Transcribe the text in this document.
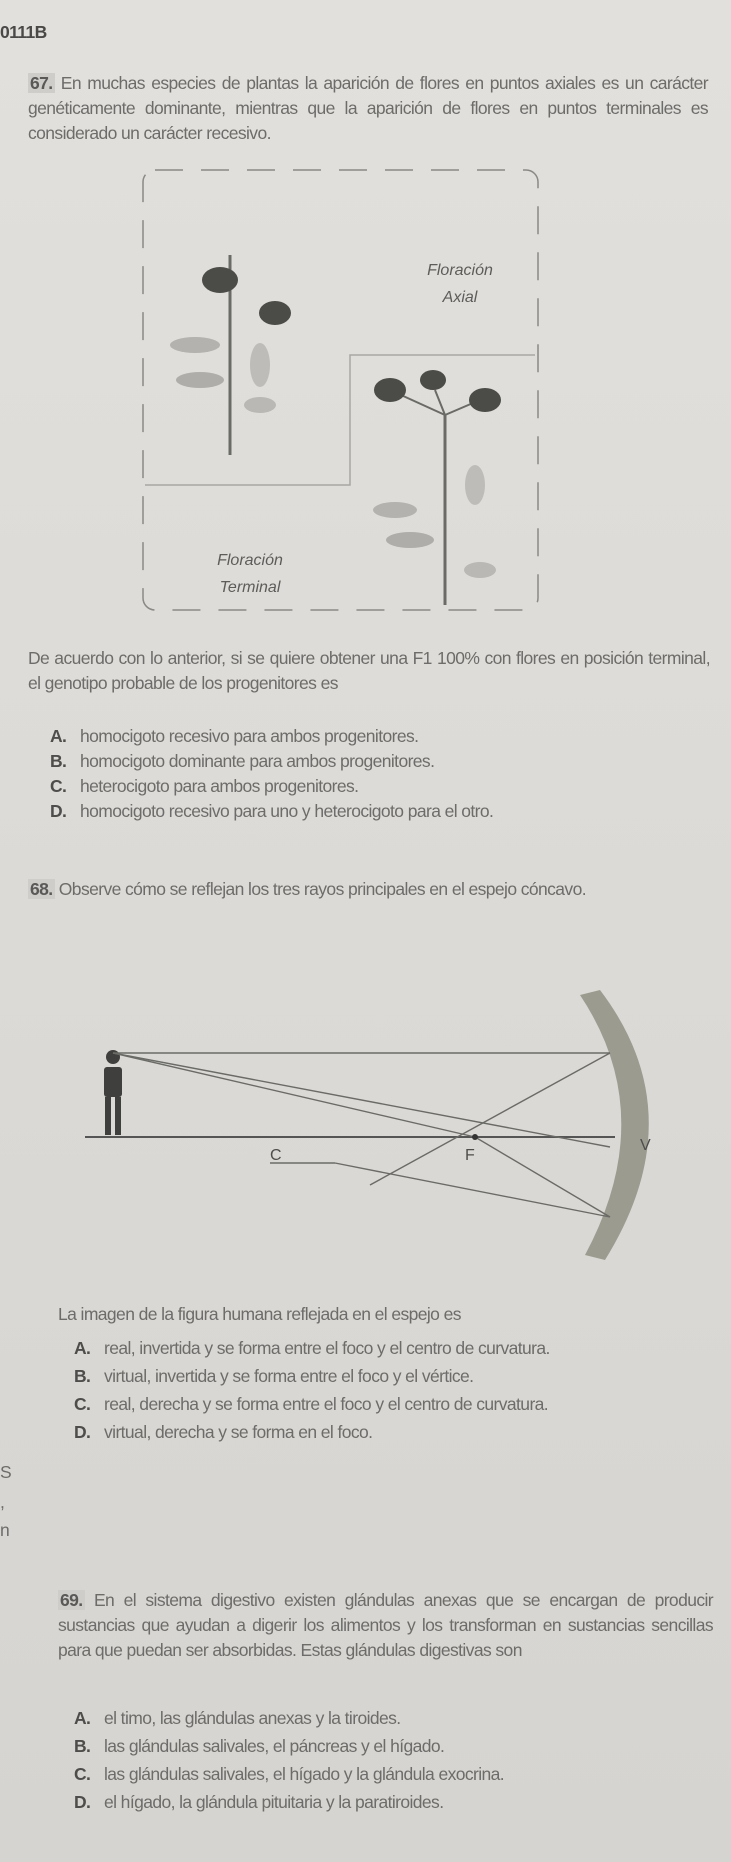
0111B
67. En muchas especies de plantas la aparición de flores en puntos axiales es un carácter genéticamente dominante, mientras que la aparición de flores en puntos terminales es considerado un carácter recesivo.
Floración
Axial
Floración
Terminal
De acuerdo con lo anterior, si se quiere obtener una F1 100% con flores en posición terminal, el genotipo probable de los progenitores es
A. homocigoto recesivo para ambos progenitores.
B. homocigoto dominante para ambos progenitores.
C. heterocigoto para ambos progenitores.
D. homocigoto recesivo para uno y heterocigoto para el otro.
68. Observe cómo se reflejan los tres rayos principales en el espejo cóncavo.
C	F
V
La imagen de la figura humana reflejada en el espejo es
A. real, invertida y se forma entre el foco y el centro de curvatura.
B. virtual, invertida y se forma entre el foco y el vértice.
C. real, derecha y se forma entre el foco y el centro de curvatura.
D. virtual, derecha y se forma en el foco.
S
,
n
69. En el sistema digestivo existen glándulas anexas que se encargan de producir sustancias que ayudan a digerir los alimentos y los transforman en sustancias sencillas para que puedan ser absorbidas. Estas glándulas digestivas son
A. el timo, las glándulas anexas y la tiroides.
B. las glándulas salivales, el páncreas y el hígado.
C. las glándulas salivales, el hígado y la glándula exocrina.
D. el hígado, la glándula pituitaria y la paratiroides.
